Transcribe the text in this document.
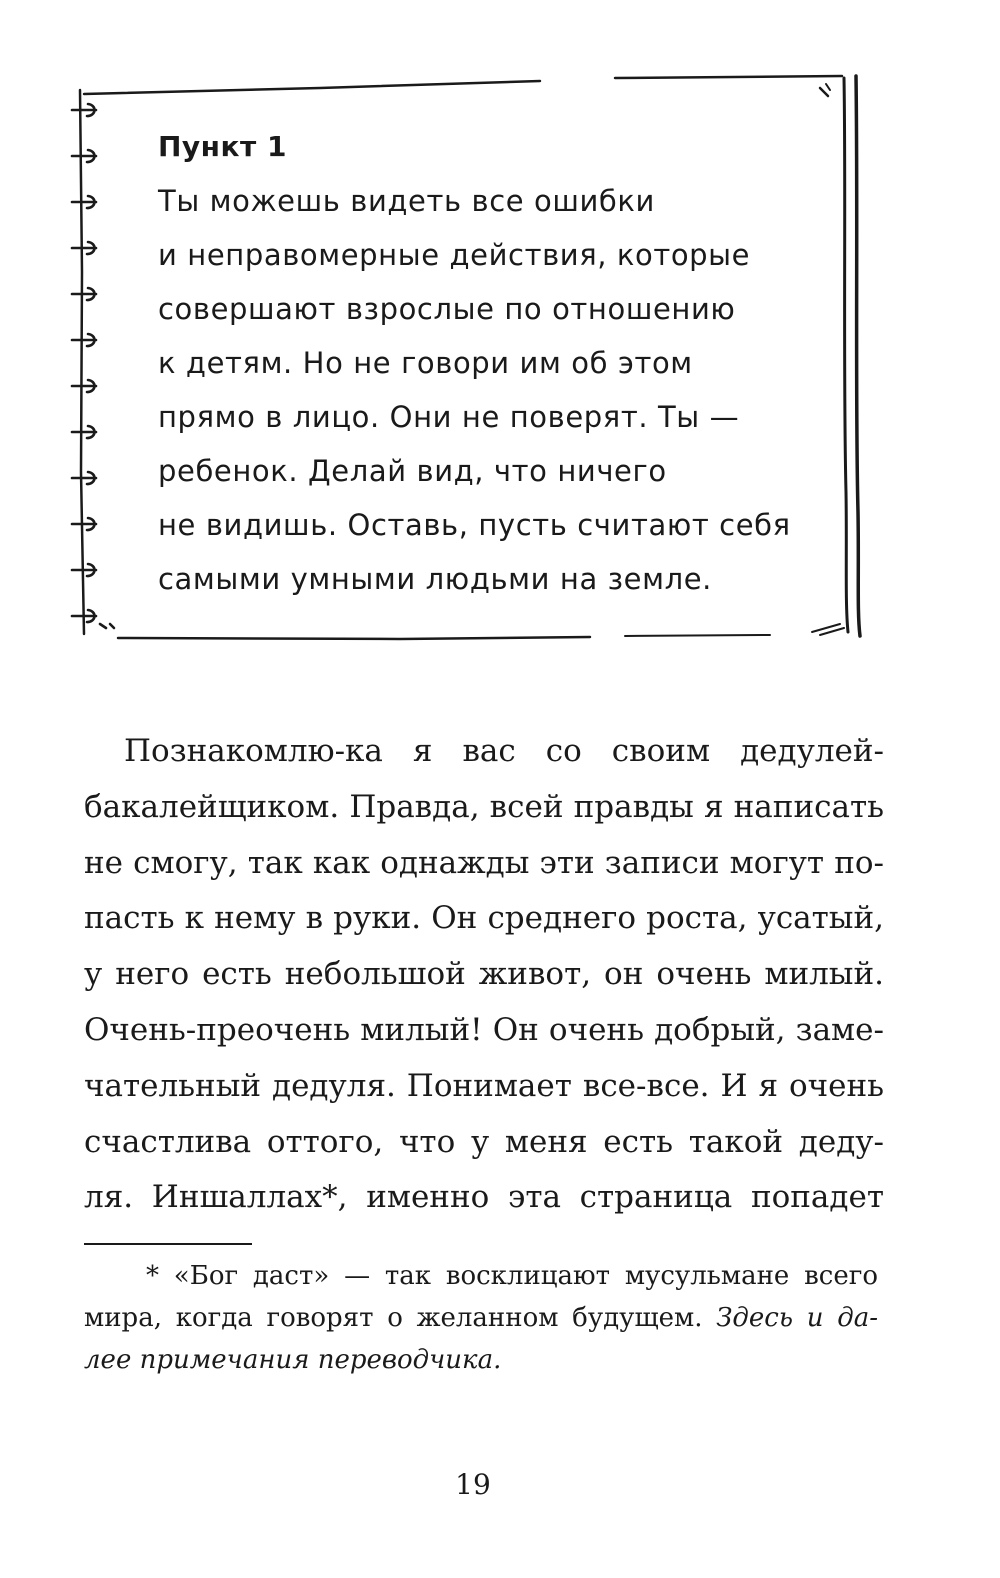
Пункт 1
Ты можешь видеть все ошибки
и неправомерные действия, которые
совершают взрослые по отношению
к детям. Но не говори им об этом
прямо в лицо. Они не поверят. Ты —
ребенок. Делай вид, что ничего
не видишь. Оставь, пусть считают себя
самыми умными людьми на земле.
Познакомлю-ка я вас со своим дедулей-
бакалейщиком. Правда, всей правды я написать
не смогу, так как однажды эти записи могут по-
пасть к нему в руки. Он среднего роста, усатый,
у него есть небольшой живот, он очень милый.
Очень-преочень милый! Он очень добрый, заме-
чательный дедуля. Понимает все-все. И я очень
счастлива оттого, что у меня есть такой деду-
ля. Иншаллах*, именно эта страница попадет
* «Бог даст» — так восклицают мусульмане всего
мира, когда говорят о желанном будущем. Здесь и да-
лее примечания переводчика.
19
